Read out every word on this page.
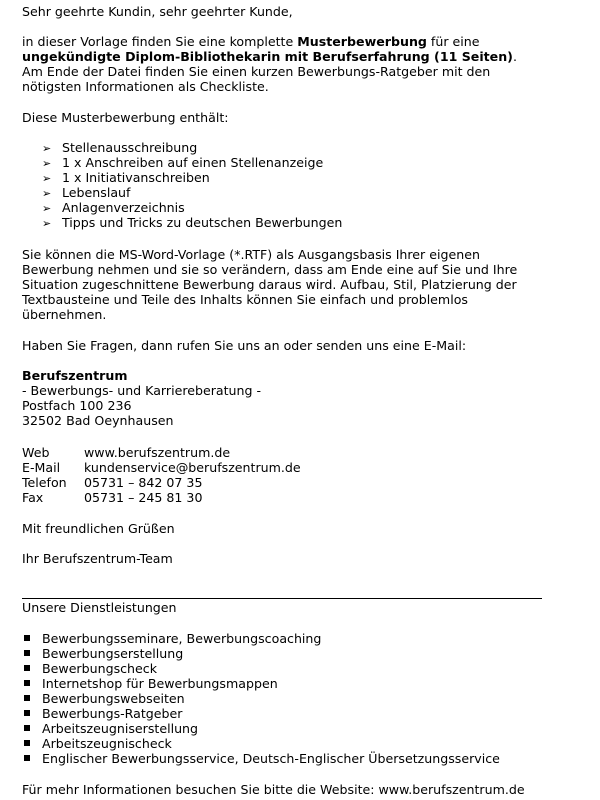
Sehr geehrte Kundin, sehr geehrter Kunde,
in dieser Vorlage finden Sie eine komplette Musterbewerbung für eine
ungekündigte Diplom-Bibliothekarin mit Berufserfahrung (11 Seiten).
Am Ende der Datei finden Sie einen kurzen Bewerbungs-Ratgeber mit den
nötigsten Informationen als Checkliste.
Diese Musterbewerbung enthält:
➢ Stellenausschreibung
➢ 1 x Anschreiben auf einen Stellenanzeige
➢ 1 x Initiativanschreiben
➢ Lebenslauf
➢ Anlagenverzeichnis
➢ Tipps und Tricks zu deutschen Bewerbungen
Sie können die MS-Word-Vorlage (*.RTF) als Ausgangsbasis Ihrer eigenen
Bewerbung nehmen und sie so verändern, dass am Ende eine auf Sie und Ihre
Situation zugeschnittene Bewerbung daraus wird. Aufbau, Stil, Platzierung der
Textbausteine und Teile des Inhalts können Sie einfach und problemlos
übernehmen.
Haben Sie Fragen, dann rufen Sie uns an oder senden uns eine E-Mail:
Berufszentrum
- Bewerbungs- und Karriereberatung -
Postfach 100 236
32502 Bad Oeynhausen
Web	www.berufszentrum.de
E-Mail kundenservice@berufszentrum.de
Telefon 05731 – 842 07 35
Fax	05731 – 245 81 30
Mit freundlichen Grüßen
Ihr Berufszentrum-Team
Unsere Dienstleistungen
Bewerbungsseminare, Bewerbungscoaching
Bewerbungserstellung
Bewerbungscheck
Internetshop für Bewerbungsmappen
Bewerbungswebseiten
Bewerbungs-Ratgeber
Arbeitszeugniserstellung
Arbeitszeugnischeck
Englischer Bewerbungsservice, Deutsch-Englischer Übersetzungsservice
Für mehr Informationen besuchen Sie bitte die Website: www.berufszentrum.de
